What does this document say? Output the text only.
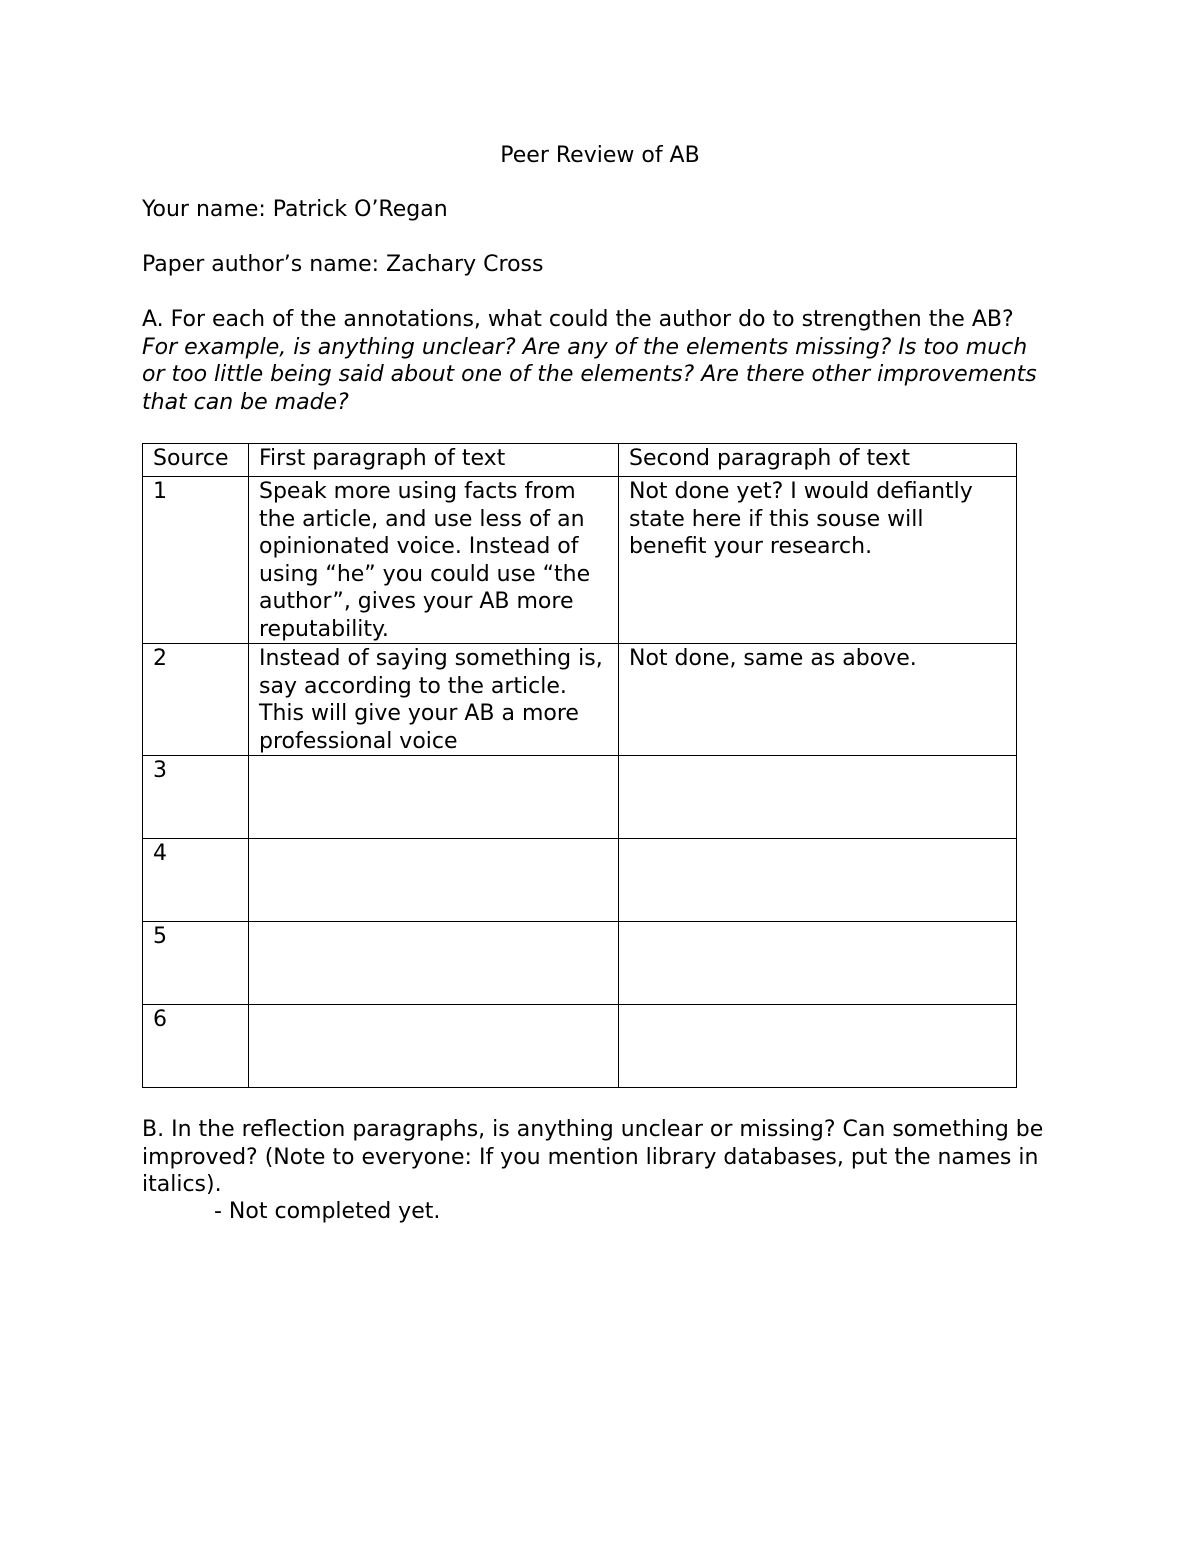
Peer Review of AB
Your name: Patrick O’Regan
Paper author’s name: Zachary Cross
A. For each of the annotations, what could the author do to strengthen the AB? For example, is anything unclear? Are any of the elements missing? Is too much or too little being said about one of the elements? Are there other improvements that can be made?
Source	First paragraph of text	Second paragraph of text
1	Speak more using facts from the article, and use less of an opinionated voice. Instead of using “he” you could use “the author”, gives your AB more reputability.	Not done yet? I would defiantly state here if this souse will benefit your research.
2	Instead of saying something is, say according to the article. This will give your AB a more professional voice	Not done, same as above.
3		
4		
5		
6		
B. In the reflection paragraphs, is anything unclear or missing? Can something be improved? (Note to everyone: If you mention library databases, put the names in italics).
- Not completed yet.
